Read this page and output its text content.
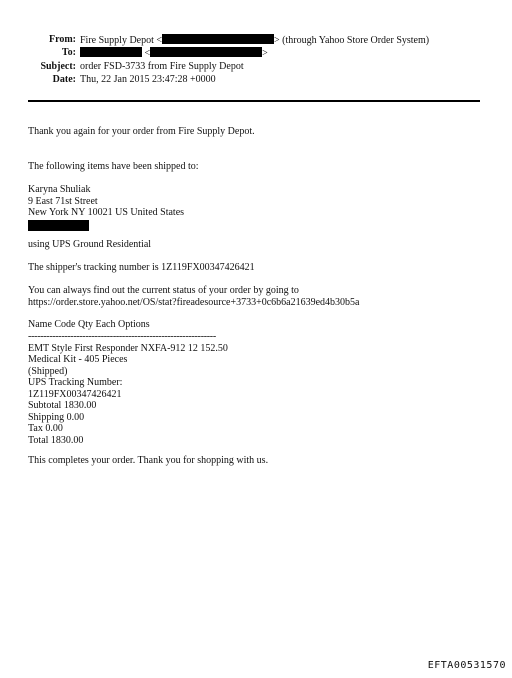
From: Fire Supply Depot <	> (through Yahoo Store Order System)
To:	<	>
Subject: order FSD-3733 from Fire Supply Depot
Date: Thu, 22 Jan 2015 23:47:28 +0000
Thank you again for your order from Fire Supply Depot.
The following items have been shipped to:
Karyna Shuliak
9 East 71st Street
New York NY 10021 US United States
using UPS Ground Residential
The shipper's tracking number is 1Z119FX00347426421
You can always find out the current status of your order by going to
https://order.store.yahoo.net/OS/stat?fireadesource+3733+0c6b6a21639ed4b30b5a
Name Code Qty Each Options
--------------------------------------------------------------
EMT Style First Responder NXFA-912 12 152.50
Medical Kit - 405 Pieces
(Shipped)
UPS Tracking Number:
1Z119FX00347426421
Subtotal 1830.00
Shipping 0.00
Tax 0.00
Total 1830.00
This completes your order. Thank you for shopping with us.
EFTA00531570
